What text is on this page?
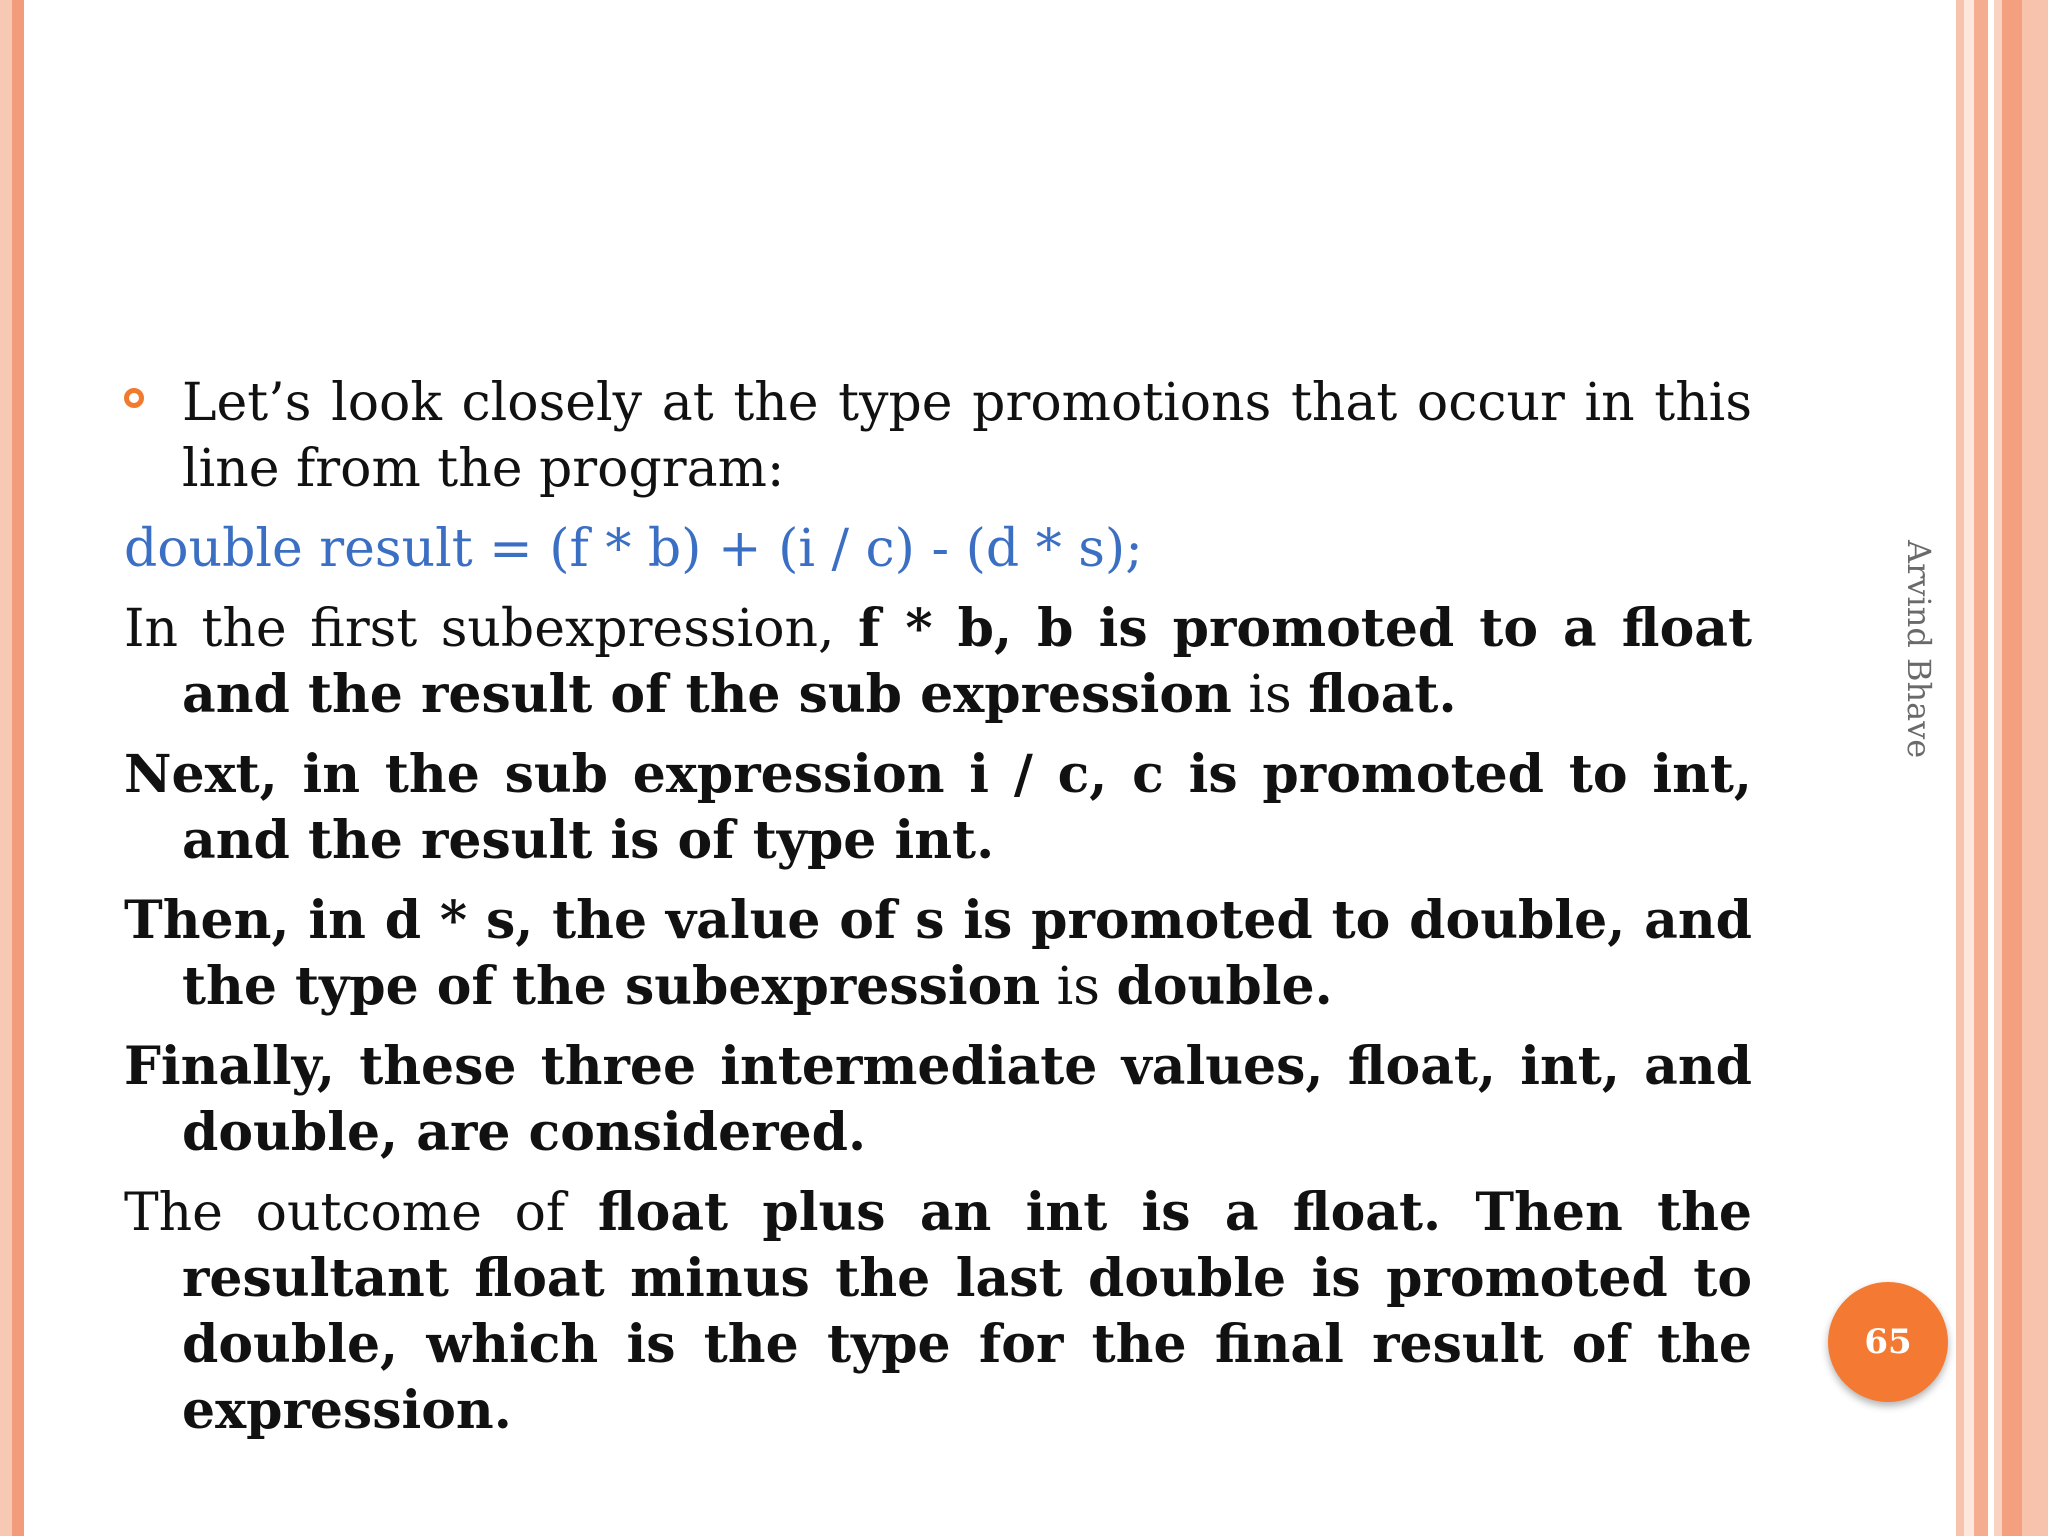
Let’s look closely at the type promotions that occur in this line from the program:

double result = (f * b) + (i / c) - (d * s);

In the first subexpression, f * b, b is promoted to a float and the result of the sub expression is float.

Next, in the sub expression i / c, c is promoted to int, and the result is of type int.

Then, in d * s, the value of s is promoted to double, and the type of the subexpression is double.

Finally, these three intermediate values, float, int, and double, are considered.

The outcome of float plus an int is a float. Then the resultant float minus the last double is promoted to double, which is the type for the final result of the expression.

Arvind Bhave
65
